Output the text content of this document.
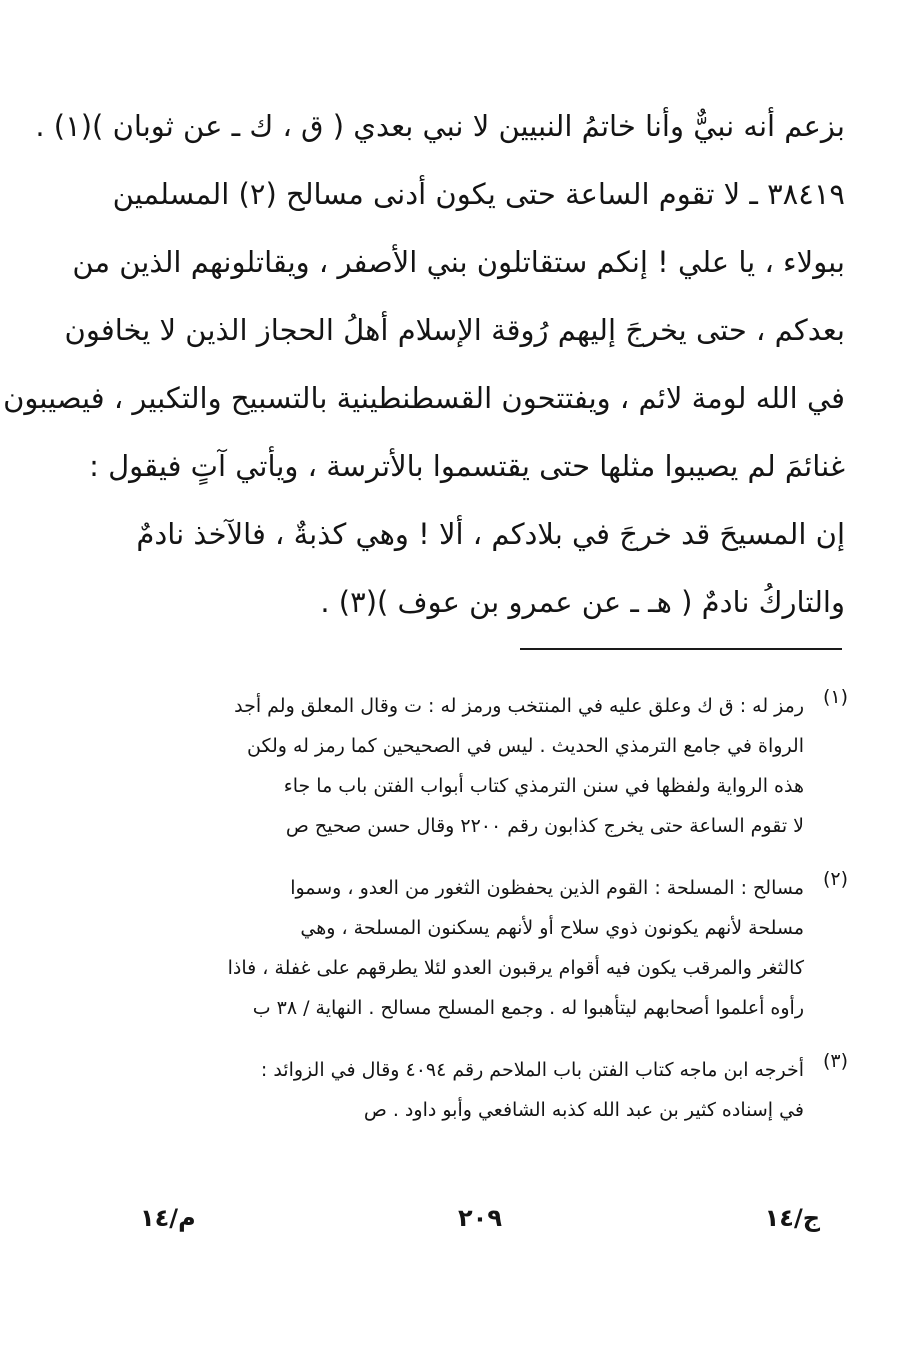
بزعم أنه نبيٌّ وأنا خاتمُ النبيين لا نبي بعدي ( ق ، ك ـ عن ثوبان )(١) .
٣٨٤١٩ ـ لا تقوم الساعة حتى يكون أدنى مسالح (٢) المسلمين
ببولاء ، يا علي ! إنكم ستقاتلون بني الأصفر ، ويقاتلونهم الذين من
بعدكم ، حتى يخرجَ إليهم رُوقة الإسلام أهلُ الحجاز الذين لا يخافون
في الله لومة لائم ، ويفتتحون القسطنطينية بالتسبيح والتكبير ، فيصيبون
غنائمَ لم يصيبوا مثلها حتى يقتسموا بالأترسة ، ويأتي آتٍ فيقول :
إن المسيحَ قد خرجَ في بلادكم ، ألا ! وهي كذبةٌ ، فالآخذ نادمٌ
والتاركُ نادمٌ ( هـ ـ عن عمرو بن عوف )(٣) .
(١)
رمز له : ق ك وعلق عليه في المنتخب ورمز له : ت وقال المعلق ولم أجد
الرواة في جامع الترمذي الحديث . ليس في الصحيحين كما رمز له ولكن
هذه الرواية ولفظها في سنن الترمذي كتاب أبواب الفتن باب ما جاء
لا تقوم الساعة حتى يخرج كذابون رقم ٢٢٠٠ وقال حسن صحيح ص
(٢)
مسالح : المسلحة : القوم الذين يحفظون الثغور من العدو ، وسموا
مسلحة لأنهم يكونون ذوي سلاح أو لأنهم يسكنون المسلحة ، وهي
كالثغر والمرقب يكون فيه أقوام يرقبون العدو لئلا يطرقهم على غفلة ، فاذا
رأوه أعلموا أصحابهم ليتأهبوا له . وجمع المسلح مسالح . النهاية / ٣٨ ب
(٣)
أخرجه ابن ماجه كتاب الفتن باب الملاحم رقم ٤٠٩٤ وقال في الزوائد :
في إسناده كثير بن عبد الله كذبه الشافعي وأبو داود . ص
ج/١٤
٢٠٩
م/١٤
